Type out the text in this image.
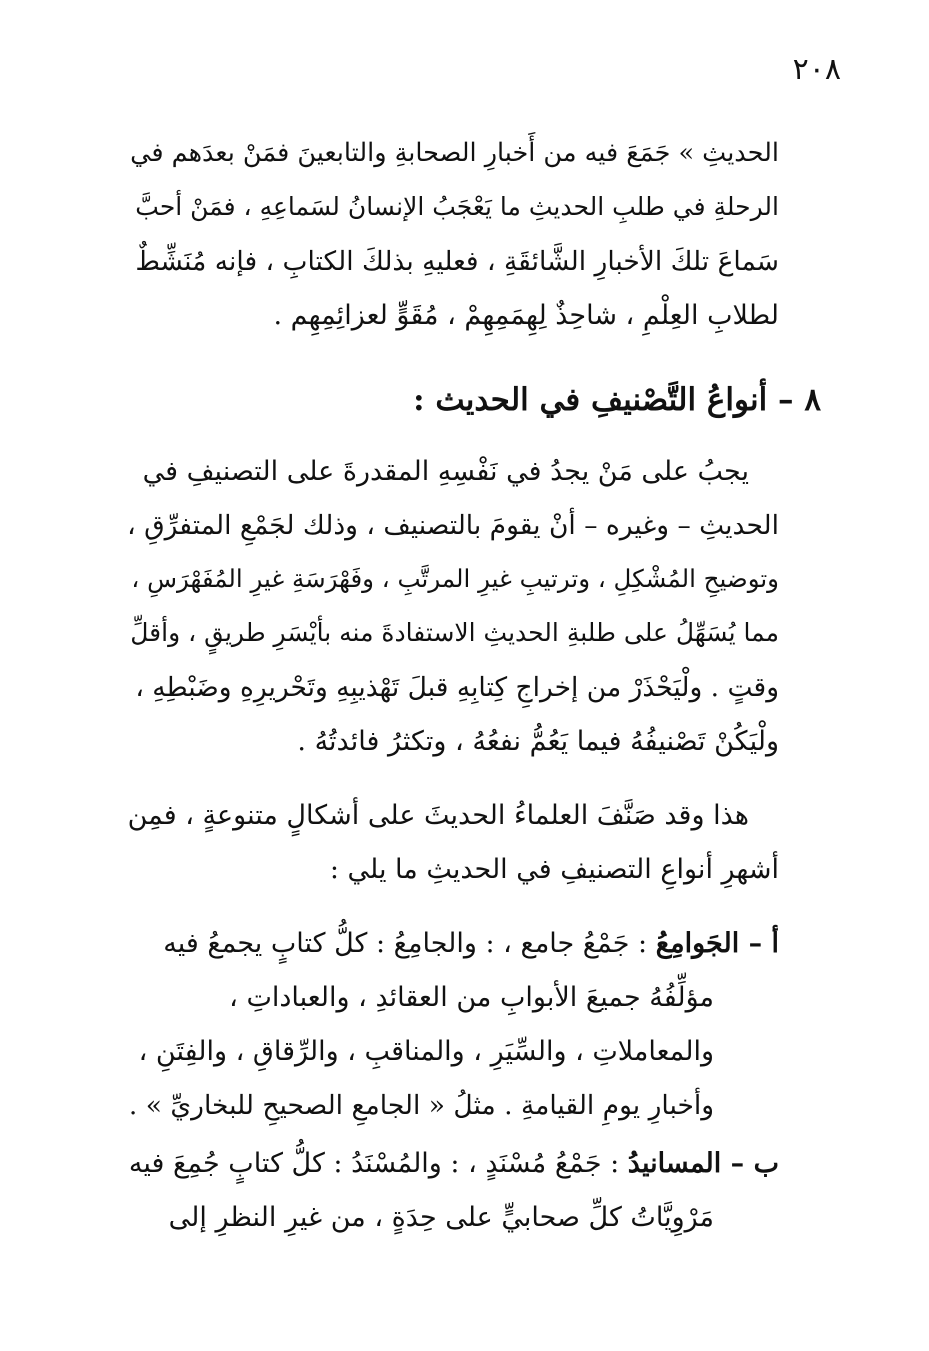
٢٠٨
الحديثِ » جَمَعَ فيه من أَخبارِ الصحابةِ والتابعينَ فمَنْ بعدَهم في
الرحلةِ في طلبِ الحديثِ ما يَعْجَبُ الإنسانُ لسَماعِهِ ، فمَنْ أحبَّ
سَماعَ تلكَ الأخبارِ الشَّائقَةِ ، فعليهِ بذلكَ الكتابِ ، فإنه مُنَشِّطٌ
لطلابِ العِلْمِ ، شاحِذٌ لِهِمَمِهِمْ ، مُقَوٍّ لعزائِمِهِم .
٨ – أنواعُ التَّصْنيفِ في الحديث :
يجبُ على مَنْ يجدُ في نَفْسِهِ المقدرةَ على التصنيفِ في
الحديثِ – وغيره – أنْ يقومَ بالتصنيف ، وذلك لجَمْعِ المتفرِّقِ ،
وتوضيحِ المُشْكِلِ ، وترتيبِ غيرِ المرتَّبِ ، وفَهْرَسَةِ غيرِ المُفَهْرَسِ ،
مما يُسَهِّلُ على طلبةِ الحديثِ الاستفادةَ منه بأيْسَرِ طريقٍ ، وأقلِّ
وقتٍ . ولْيَحْذَرْ من إخراجِ كِتابِهِ قبلَ تَهْذيبِهِ وتَحْريرِهِ وضَبْطِهِ ،
ولْيَكُنْ تَصْنيفُهُ فيما يَعُمُّ نفعُهُ ، وتكثرُ فائدتُهُ .
هذا وقد صَنَّفَ العلماءُ الحديثَ على أشكالٍ متنوعةٍ ، فمِن
أشهرِ أنواعِ التصنيفِ في الحديثِ ما يلي :
أ – الجَوامِعُ : جَمْعُ جامع ، : والجامِعُ : كلُّ كتابٍ يجمعُ فيه
مؤلِّفُهُ جميعَ الأبوابِ من العقائدِ ، والعباداتِ ،
والمعاملاتِ ، والسِّيَرِ ، والمناقبِ ، والرِّقاقِ ، والفِتَنِ ،
وأخبارِ يومِ القيامةِ . مثلُ « الجامعِ الصحيحِ للبخاريِّ » .
ب – المسانيدُ : جَمْعُ مُسْنَدٍ ، : والمُسْنَدُ : كلُّ كتابٍ جُمِعَ فيه
مَرْوِيَّاتُ كلِّ صحابيٍّ على حِدَةٍ ، من غيرِ النظرِ إلى
